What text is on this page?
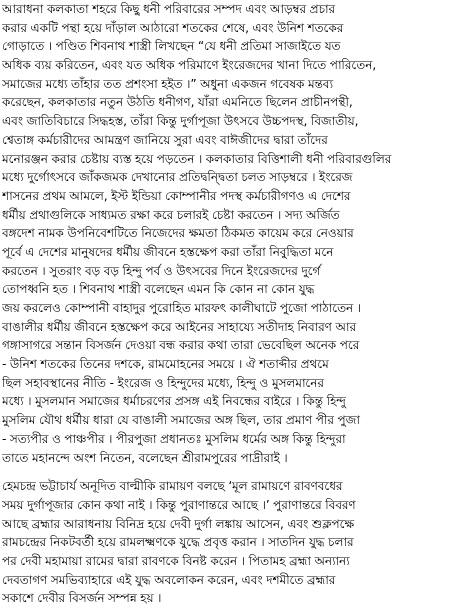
আরাধনা কলকাতা শহরে কিছু ধনী পরিবারের সম্পদ এবং আড়ম্বর প্রচার
করার একটি পন্থা হয়ে দাঁড়াল আঠারো শতকের শেষে, এবং উনিশ শতকের
গোড়াতে । পণ্ডিত শিবনাথ শাস্ত্রী লিখছেন “যে ধনী প্রতিমা সাজাইতে যত
অধিক ব্যয় করিতেন, এবং যত অধিক পরিমাণে ইংরেজদের খানা দিতে পারিতেন,
সমাজের মধ্যে তাঁহার তত প্রশংসা হইত ।” অধুনা একজন গবেষক মন্তব্য
করেছেন, কলকাতার নতুন উঠতি ধনীগণ, যাঁরা এমনিতে ছিলেন প্রাচীনপন্থী,
এবং জাতিবিচারে সিদ্ধহস্ত, তাঁরা কিন্তু দুর্গাপূজা উৎসবে উচ্চপদস্থ, বিজাতীয়,
শ্বেতাঙ্গ কর্মচারীদের আমন্ত্রণ জানিয়ে সুরা এবং বাঈজীদের দ্বারা তাঁদের
মনোরঞ্জন করার চেষ্টায় ব্যস্ত হয়ে পড়তেন । কলকাতার বিত্তিশালী ধনী পরিবারগুলির
মধ্যে দুর্গোৎসবে জাঁকজমক দেখানোর প্রতিদ্বন্দ্বিতা চলত সাড়ম্বরে । ইংরেজ
শাসনের প্রথম আমলে, ইস্ট ইন্ডিয়া কোম্পানীর পদস্থ কর্মচারীগণও এ দেশের
ধর্মীয় প্রথাগুলিকে সাধ্যমত রক্ষা করে চলারই চেষ্টা করতেন । সদ্য অর্জিত
বঙ্গদেশ নামক উপনিবেশটিতে নিজেদের ক্ষমতা ঠিকমত কায়েম করে নেওয়ার
পূর্বে এ দেশের মানুষদের ধর্মীয় জীবনে হস্তক্ষেপ করা তাঁরা নিবুদ্ধিতা মনে
করতেন । সুতরাং বড় বড় হিন্দু পর্ব ও উৎসবের দিনে ইংরেজদের দুর্গে
তোপধ্বনি হত । শিবনাথ শাস্ত্রী বলেছেন এমন কি কোন না কোন যুদ্ধ
জয় করলেও কোম্পানী বাহাদুর পুরোহিত মারফৎ কালীঘাটে পুজো পাঠাতেন ।
বাঙালীর ধর্মীয় জীবনে হস্তক্ষেপ করে আইনের সাহায্যে সতীদাহ নিবারণ আর
গঙ্গাসাগরে সন্তান বিসর্জন দেওয়া বন্ধ করার কথা তারা ভেবেছিল অনেক পরে
- উনিশ শতকের তিনের দশকে, রামমোহনের সময়ে । ঐ শতাব্দীর প্রথমে
ছিল সহাবস্থানের নীতি - ইংরেজ ও হিন্দুদের মধ্যে, হিন্দু ও মুসলমানের
মধ্যে । মুসলমান সমাজের ধর্মাচরণের প্রসঙ্গ এই নিবন্ধের বাইরে । কিন্তু হিন্দু
মুসলিম যৌথ ধর্মীয় ধারা যে বাঙালী সমাজের অঙ্গ ছিল, তার প্রমাণ পীর পুজা
- সত্যপীর ও পাঞ্চপীর । পীরপুজা প্রধানতঃ মুসলিম ধর্মের অঙ্গ কিন্তু হিন্দুরা
তাতে মহানন্দে অংশ নিতেন, বলেছেন শ্রীরামপুরের পাদ্রীরাই ।
হেমচন্দ্র ভট্টাচার্য অনূদিত বাল্মীকি রামায়ণ বলছে ‘মূল রামায়ণে রাবণবধের
সময় দুর্গাপূজার কোন কথা নাই । কিন্তু পুরাণান্তরে আছে ।’ পুরাণান্তরে বিবরণ
আছে ব্রহ্মার আরাধনায় বিনিদ্র হয়ে দেবী দুর্গা লঙ্কায় আসেন, এবং শুক্লপক্ষে
রামচন্দ্রের নিকটবর্তী হয়ে রামলক্ষ্মণকে যুদ্ধে প্রবৃত্ত করান । সাতদিন যুদ্ধ চলার
পর দেবী মহামায়া রামের দ্বারা রাবণকে বিনষ্ট করেন । পিতামহ ব্রহ্মা অন্যান্য
দেবতাগণ সমভিব্যাহারে এই যুদ্ধ অবলোকন করেন, এবং দশমীতে ব্রহ্মার
সকাশে দেবীর বিসর্জন সম্পন্ন হয় ।
